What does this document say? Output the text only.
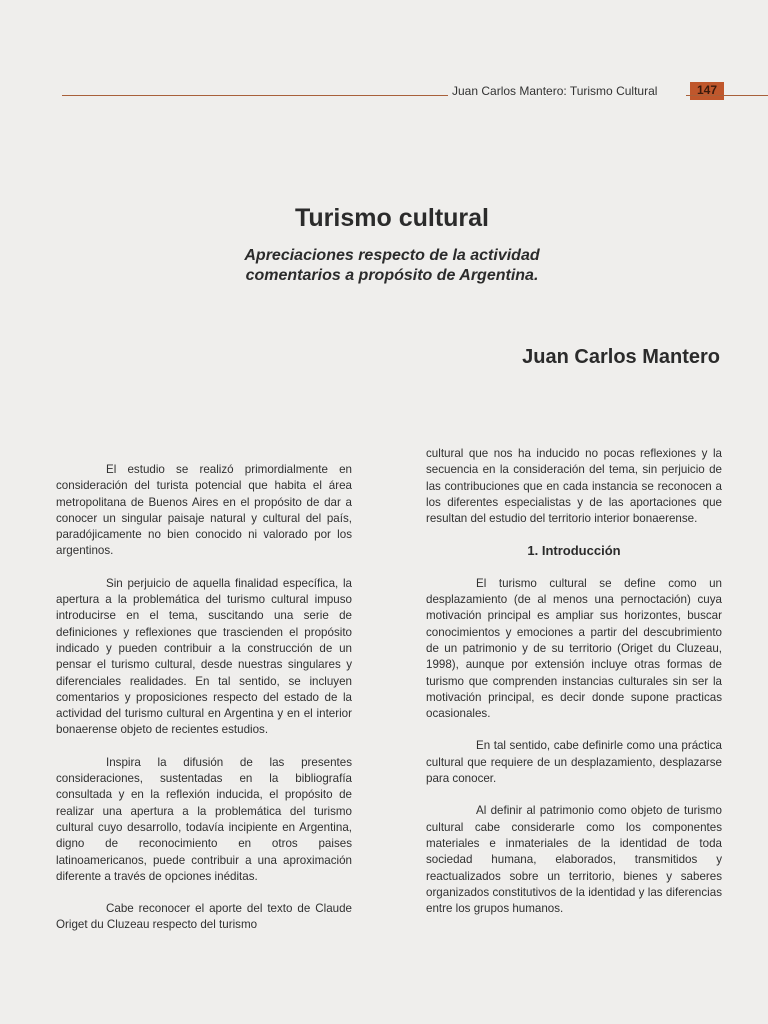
Juan Carlos Mantero: Turismo Cultural	147
Turismo cultural
Apreciaciones respecto de la actividad
comentarios a propósito de Argentina.
Juan Carlos Mantero

El estudio se realizó primordialmente en consideración del turista potencial que habita el área metropolitana de Buenos Aires en el propósito de dar a conocer un singular paisaje natural y cultural del país, paradójicamente no bien conocido ni valorado por los argentinos.

Sin perjuicio de aquella finalidad específica, la apertura a la problemática del turismo cultural impuso introducirse en el tema, suscitando una serie de definiciones y reflexiones que trascienden el propósito indicado y pueden contribuir a la construcción de un pensar el turismo cultural, desde nuestras singulares y diferenciales realidades. En tal sentido, se incluyen comentarios y proposiciones respecto del estado de la actividad del turismo cultural en Argentina y en el interior bonaerense objeto de recientes estudios.

Inspira la difusión de las presentes consideraciones, sustentadas en la bibliografía consultada y en la reflexión inducida, el propósito de realizar una apertura a la problemática del turismo cultural cuyo desarrollo, todavía incipiente en Argentina, digno de reconocimiento en otros paises latinoamericanos, puede contribuir a una aproximación diferente a través de opciones inéditas.

Cabe reconocer el aporte del texto de Claude Origet du Cluzeau respecto del turismo

cultural que nos ha inducido no pocas reflexiones y la secuencia en la consideración del tema, sin perjuicio de las contribuciones que en cada instancia se reconocen a los diferentes especialistas y de las aportaciones que resultan del estudio del territorio interior bonaerense.

1. Introducción

El turismo cultural se define como un desplazamiento (de al menos una pernoctación) cuya motivación principal es ampliar sus horizontes, buscar conocimientos y emociones a partir del descubrimiento de un patrimonio y de su territorio (Origet du Cluzeau, 1998), aunque por extensión incluye otras formas de turismo que comprenden instancias culturales sin ser la motivación principal, es decir donde supone practicas ocasionales.

En tal sentido, cabe definirle como una práctica cultural que requiere de un desplazamiento, desplazarse para conocer.

Al definir al patrimonio como objeto de turismo cultural cabe considerarle como los componentes materiales e inmateriales de la identidad de toda sociedad humana, elaborados, transmitidos y reactualizados sobre un territorio, bienes y saberes organizados constitutivos de la identidad y las diferencias entre los grupos humanos.
